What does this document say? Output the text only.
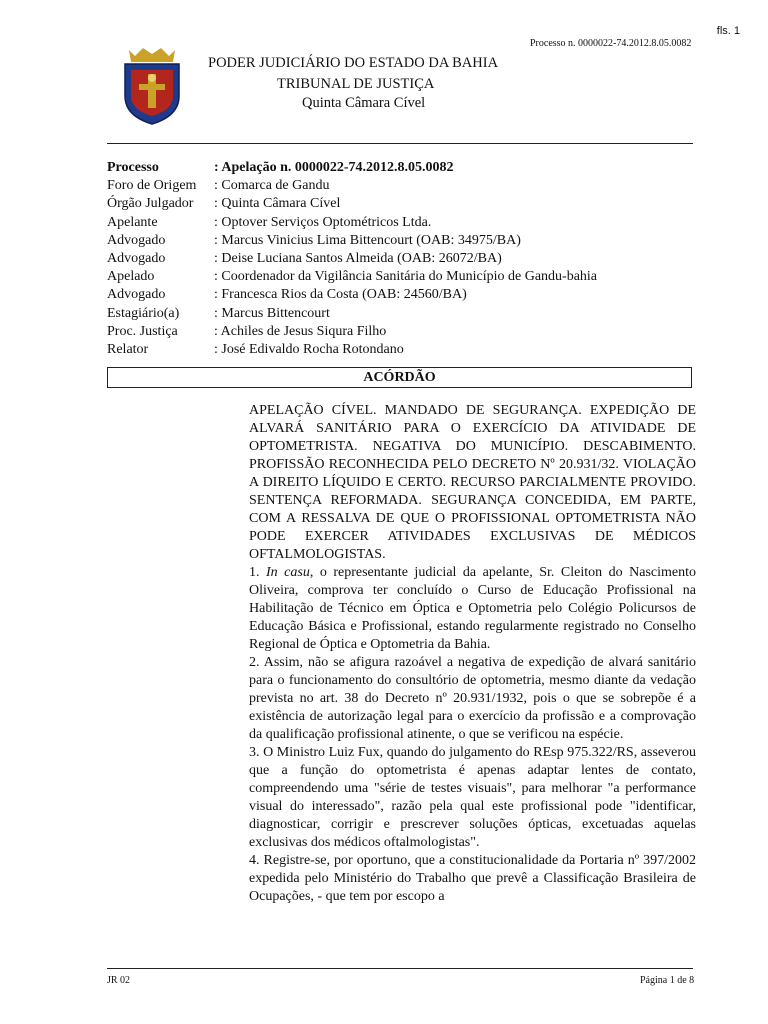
fls. 1
Processo n. 0000022-74.2012.8.05.0082
PODER JUDICIÁRIO DO ESTADO DA BAHIA
TRIBUNAL DE JUSTIÇA
Quinta Câmara Cível
Processo	: Apelação n. 0000022-74.2012.8.05.0082
Foro de Origem	: Comarca de Gandu
Órgão Julgador	: Quinta Câmara Cível
Apelante	: Optover Serviços Optométricos Ltda.
Advogado	: Marcus Vinicius Lima Bittencourt (OAB: 34975/BA)
Advogado	: Deise Luciana Santos Almeida (OAB: 26072/BA)
Apelado	: Coordenador da Vigilância Sanitária do Município de Gandu-bahia
Advogado	: Francesca Rios da Costa (OAB: 24560/BA)
Estagiário(a)	: Marcus Bittencourt
Proc. Justiça	: Achiles de Jesus Siqura Filho
Relator	: José Edivaldo Rocha Rotondano
ACÓRDÃO

APELAÇÃO CÍVEL. MANDADO DE SEGURANÇA. EXPEDIÇÃO DE ALVARÁ SANITÁRIO PARA O EXERCÍCIO DA ATIVIDADE DE OPTOMETRISTA. NEGATIVA DO MUNICÍPIO. DESCABIMENTO. PROFISSÃO RECONHECIDA PELO DECRETO Nº 20.931/32. VIOLAÇÃO A DIREITO LÍQUIDO E CERTO. RECURSO PARCIALMENTE PROVIDO. SENTENÇA REFORMADA. SEGURANÇA CONCEDIDA, EM PARTE, COM A RESSALVA DE QUE O PROFISSIONAL OPTOMETRISTA NÃO PODE EXERCER ATIVIDADES EXCLUSIVAS DE MÉDICOS OFTALMOLOGISTAS.

1. In casu, o representante judicial da apelante, Sr. Cleiton do Nascimento Oliveira, comprova ter concluído o Curso de Educação Profissional na Habilitação de Técnico em Óptica e Optometria pelo Colégio Policursos de Educação Básica e Profissional, estando regularmente registrado no Conselho Regional de Óptica e Optometria da Bahia.

2. Assim, não se afigura razoável a negativa de expedição de alvará sanitário para o funcionamento do consultório de optometria, mesmo diante da vedação prevista no art. 38 do Decreto nº 20.931/1932, pois o que se sobrepõe é a existência de autorização legal para o exercício da profissão e a comprovação da qualificação profissional atinente, o que se verificou na espécie.

3. O Ministro Luiz Fux, quando do julgamento do REsp 975.322/RS, asseverou que a função do optometrista é apenas adaptar lentes de contato, compreendendo uma "série de testes visuais", para melhorar "a performance visual do interessado", razão pela qual este profissional pode "identificar, diagnosticar, corrigir e prescrever soluções ópticas, excetuadas aquelas exclusivas dos médicos oftalmologistas".

4. Registre-se, por oportuno, que a constitucionalidade da Portaria nº 397/2002 expedida pelo Ministério do Trabalho que prevê a Classificação Brasileira de Ocupações, - que tem por escopo a

JR 02	Página 1 de 8
